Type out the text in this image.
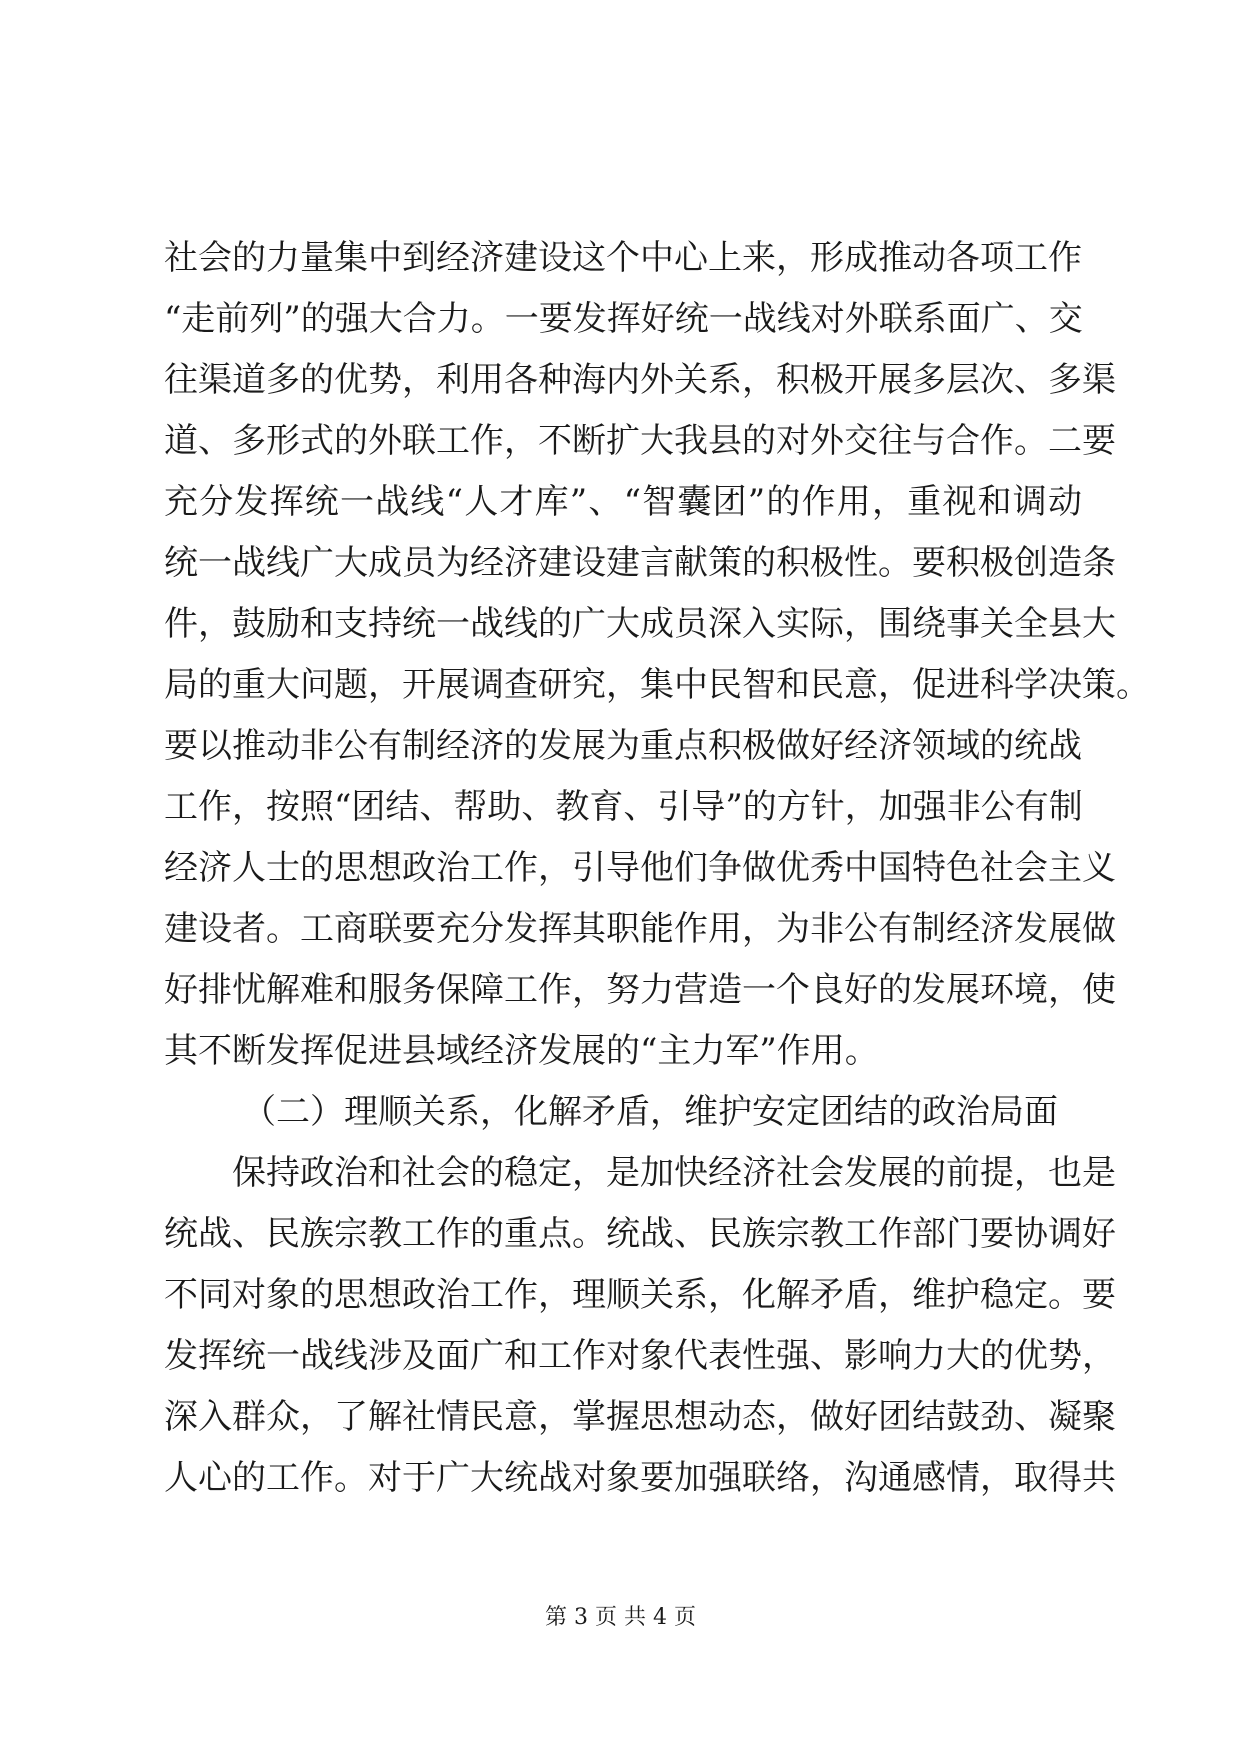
社会的力量集中到经济建设这个中心上来，形成推动各项工作
“走前列”的强大合力。一要发挥好统一战线对外联系面广、交
往渠道多的优势，利用各种海内外关系，积极开展多层次、多渠
道、多形式的外联工作，不断扩大我县的对外交往与合作。二要
充分发挥统一战线“人才库”、“智囊团”的作用，重视和调动
统一战线广大成员为经济建设建言献策的积极性。要积极创造条
件，鼓励和支持统一战线的广大成员深入实际，围绕事关全县大
局的重大问题，开展调查研究，集中民智和民意，促进科学决策。
要以推动非公有制经济的发展为重点积极做好经济领域的统战
工作，按照“团结、帮助、教育、引导”的方针，加强非公有制
经济人士的思想政治工作，引导他们争做优秀中国特色社会主义
建设者。工商联要充分发挥其职能作用，为非公有制经济发展做
好排忧解难和服务保障工作，努力营造一个良好的发展环境，使
其不断发挥促进县域经济发展的“主力军”作用。
（二）理顺关系，化解矛盾，维护安定团结的政治局面
保持政治和社会的稳定，是加快经济社会发展的前提，也是
统战、民族宗教工作的重点。统战、民族宗教工作部门要协调好
不同对象的思想政治工作，理顺关系，化解矛盾，维护稳定。要
发挥统一战线涉及面广和工作对象代表性强、影响力大的优势，
深入群众，了解社情民意，掌握思想动态，做好团结鼓劲、凝聚
人心的工作。对于广大统战对象要加强联络，沟通感情，取得共
第 3 页 共 4 页
